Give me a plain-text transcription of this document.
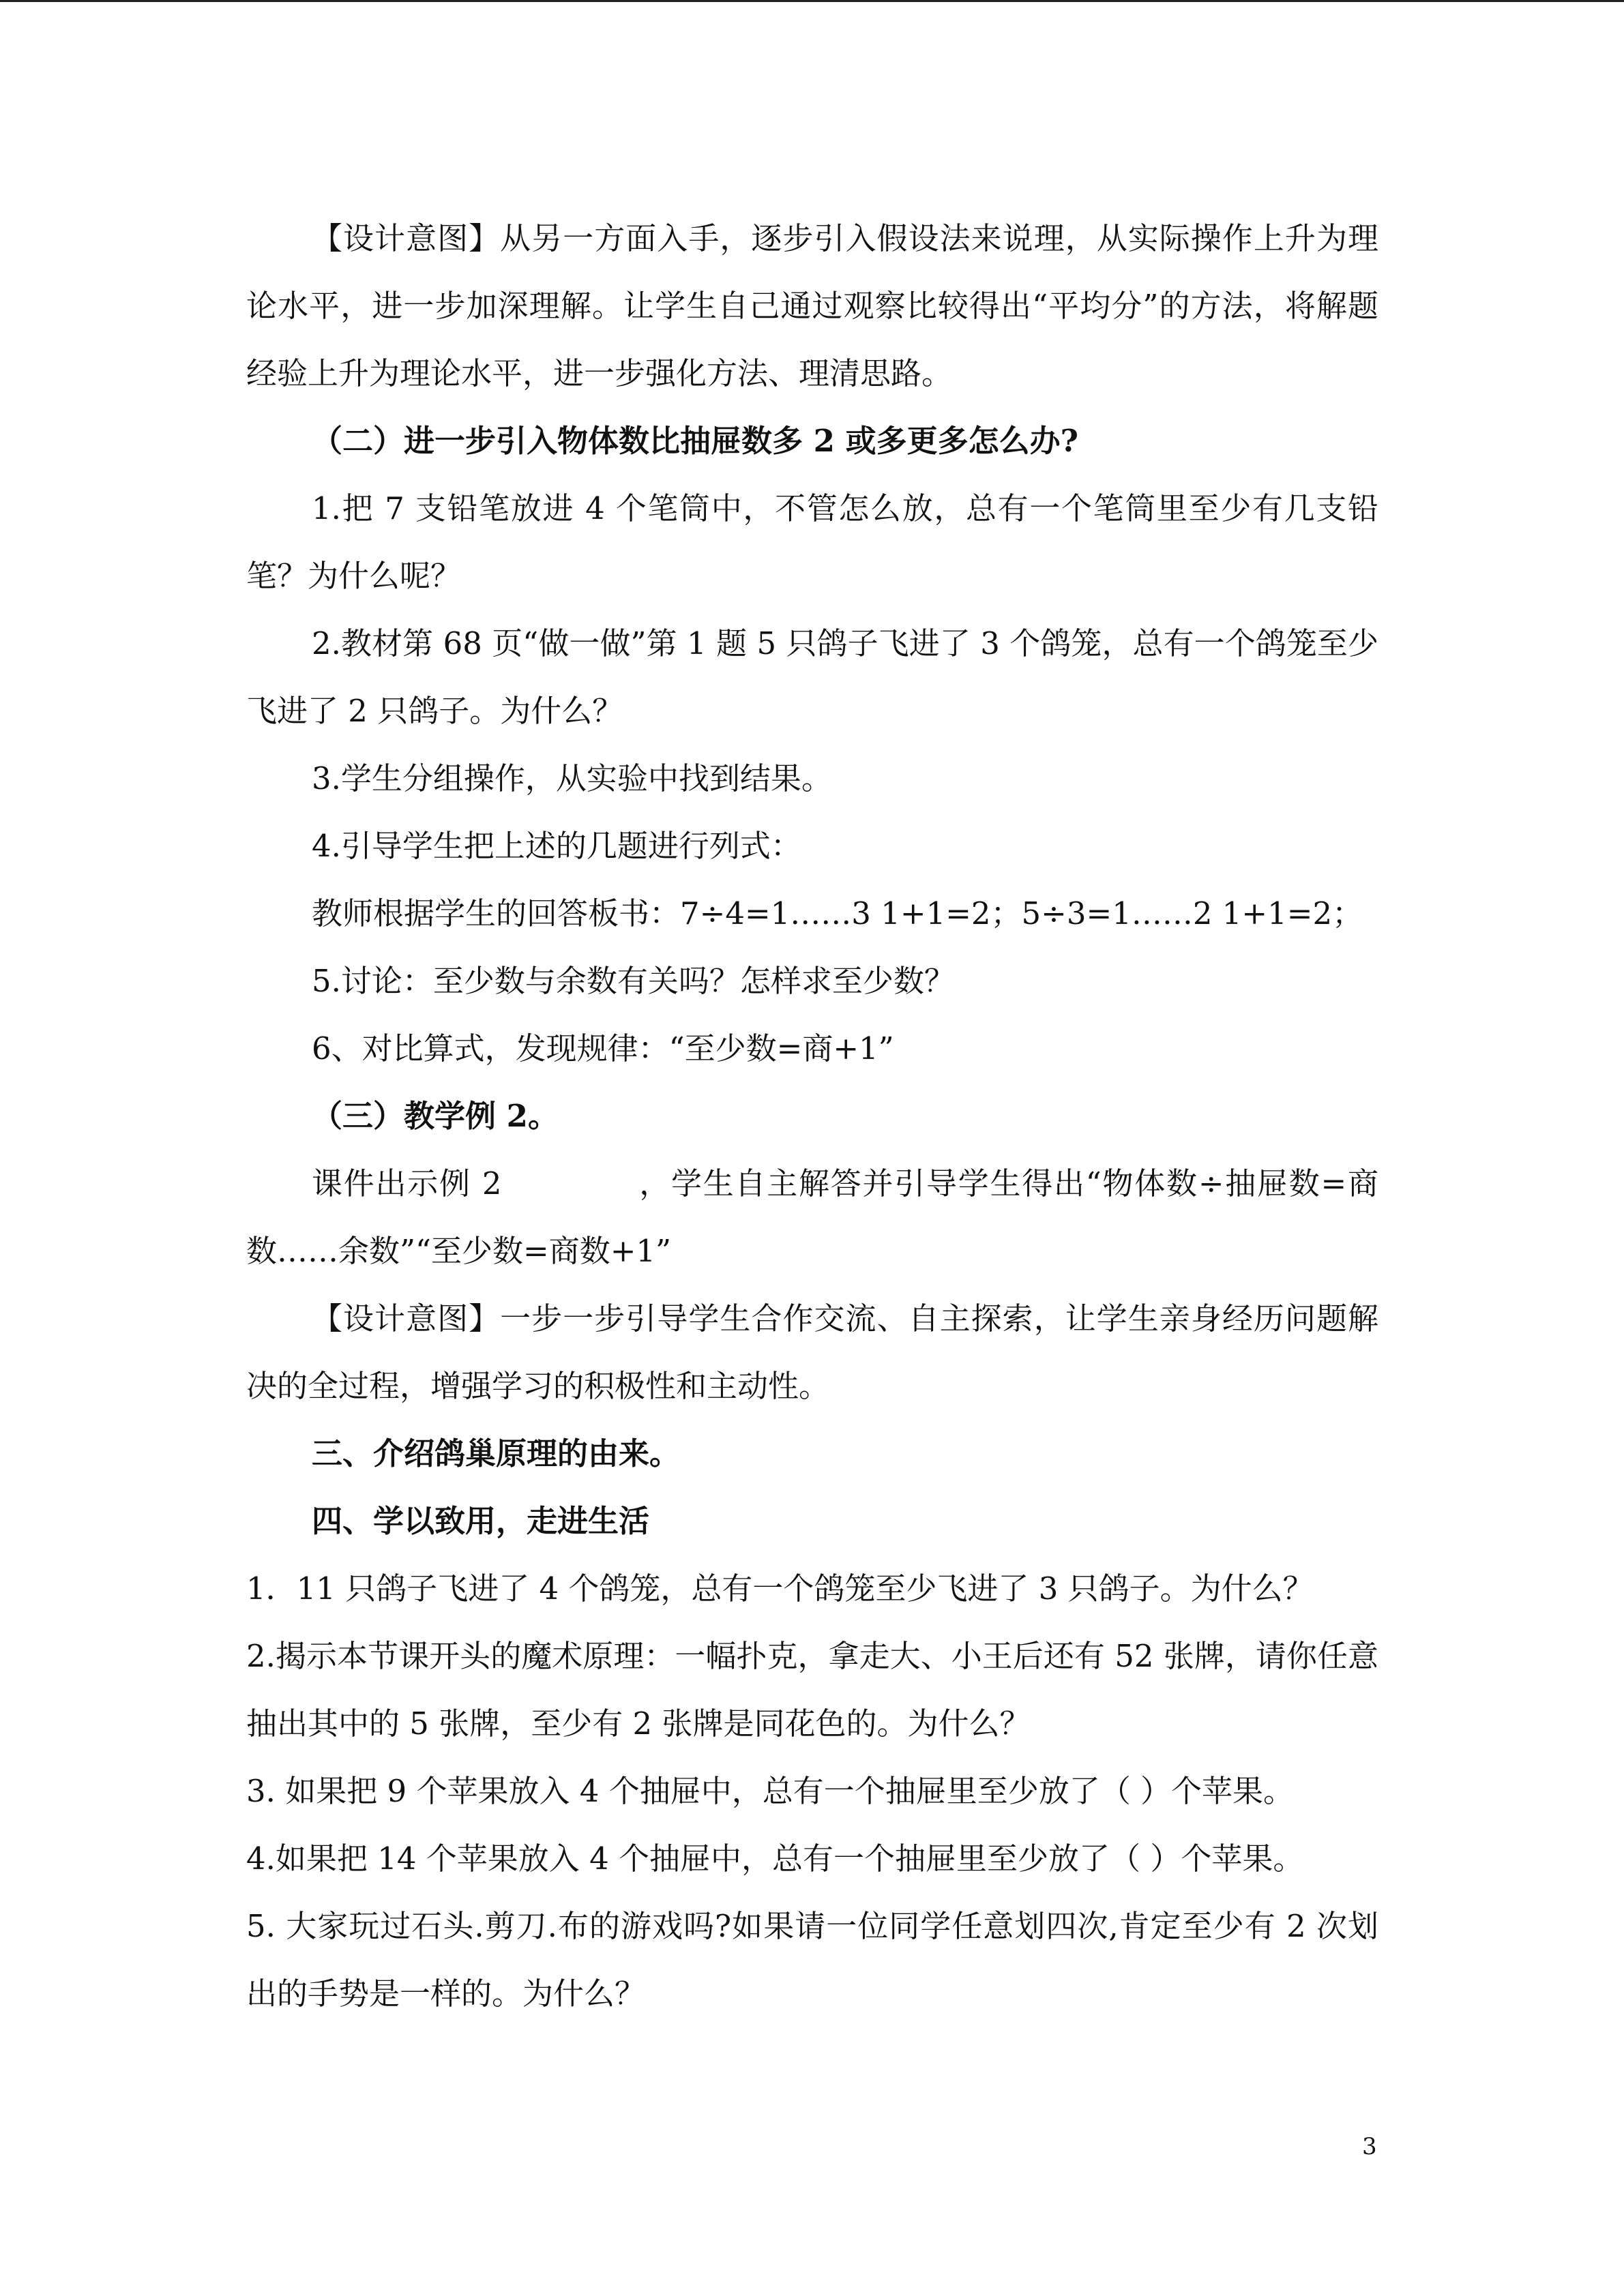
【设计意图】从另一方面入手，逐步引入假设法来说理，从实际操作上升为理论水平，进一步加深理解。让学生自己通过观察比较得出“平均分”的方法，将解题经验上升为理论水平，进一步强化方法、理清思路。

（二）进一步引入物体数比抽屉数多 2 或多更多怎么办?

1.把 7 支铅笔放进 4 个笔筒中，不管怎么放，总有一个笔筒里至少有几支铅笔？为什么呢？

2.教材第 68 页“做一做”第 1 题 5 只鸽子飞进了 3 个鸽笼，总有一个鸽笼至少飞进了 2 只鸽子。为什么？

3.学生分组操作，从实验中找到结果。

4.引导学生把上述的几题进行列式：

教师根据学生的回答板书：7÷4=1……3 1+1=2；5÷3=1……2 1+1=2；

5.讨论：至少数与余数有关吗？怎样求至少数？

6、对比算式，发现规律：“至少数=商+1”

（三）教学例 2。

课件出示例 2	，学生自主解答并引导学生得出“物体数÷抽屉数=商数……余数”“至少数=商数+1”

【设计意图】一步一步引导学生合作交流、自主探索，让学生亲身经历问题解决的全过程，增强学习的积极性和主动性。

三、介绍鸽巢原理的由来。

四、学以致用，走进生活

1．11 只鸽子飞进了 4 个鸽笼，总有一个鸽笼至少飞进了 3 只鸽子。为什么？

2.揭示本节课开头的魔术原理：一幅扑克，拿走大、小王后还有 52 张牌，请你任意抽出其中的 5 张牌，至少有 2 张牌是同花色的。为什么？

3. 如果把 9 个苹果放入 4 个抽屉中，总有一个抽屉里至少放了（ ）个苹果。

4.如果把 14 个苹果放入 4 个抽屉中，总有一个抽屉里至少放了（ ）个苹果。

5. 大家玩过石头.剪刀.布的游戏吗?如果请一位同学任意划四次,肯定至少有 2 次划出的手势是一样的。为什么？

3
